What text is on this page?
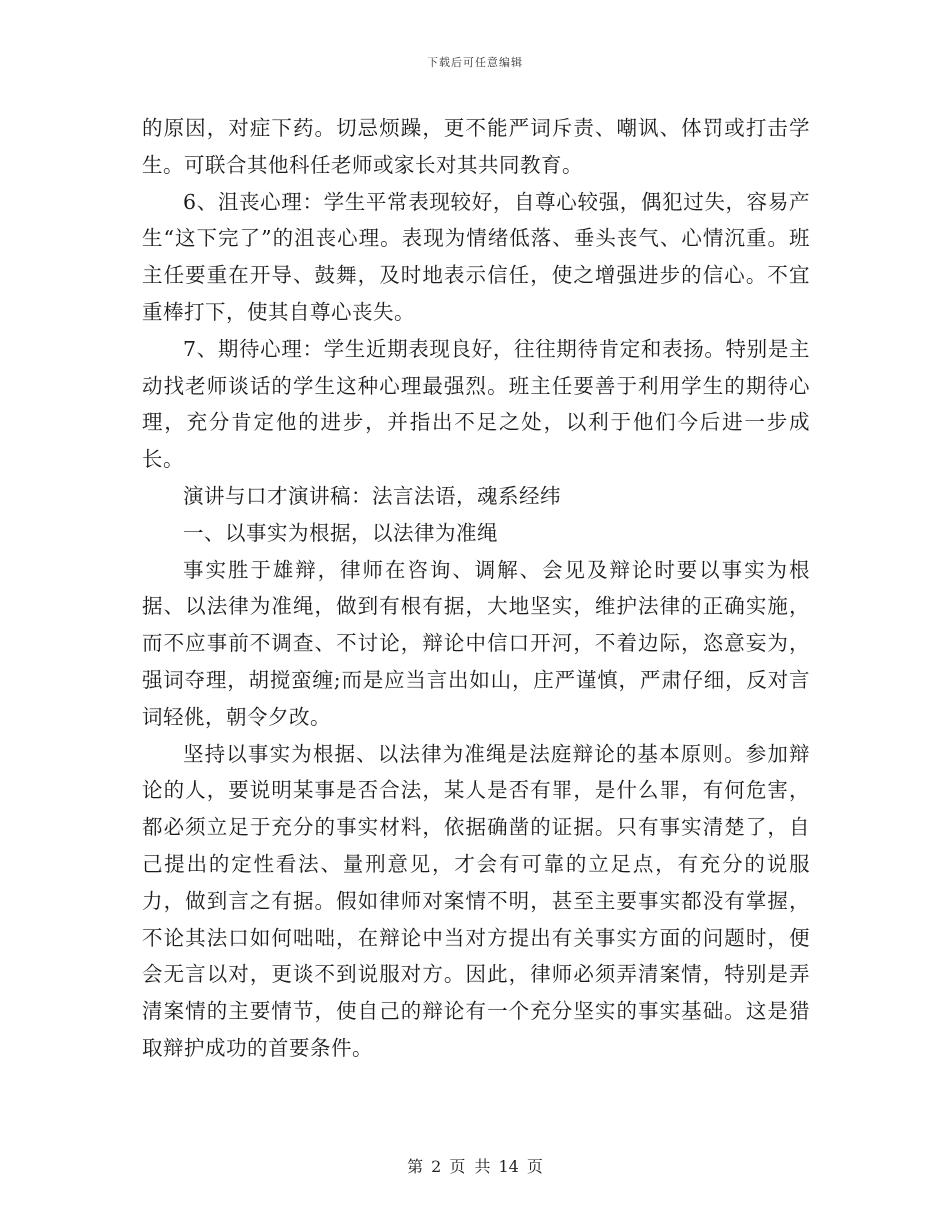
下载后可任意编辑

的原因，对症下药。切忌烦躁，更不能严词斥责、嘲讽、体罚或打击学生。可联合其他科任老师或家长对其共同教育。

6、沮丧心理：学生平常表现较好，自尊心较强，偶犯过失，容易产生“这下完了”的沮丧心理。表现为情绪低落、垂头丧气、心情沉重。班主任要重在开导、鼓舞，及时地表示信任，使之增强进步的信心。不宜重棒打下，使其自尊心丧失。

7、期待心理：学生近期表现良好，往往期待肯定和表扬。特别是主动找老师谈话的学生这种心理最强烈。班主任要善于利用学生的期待心理，充分肯定他的进步，并指出不足之处，以利于他们今后进一步成长。

演讲与口才演讲稿：法言法语，魂系经纬

一、以事实为根据，以法律为准绳

事实胜于雄辩，律师在咨询、调解、会见及辩论时要以事实为根据、以法律为准绳，做到有根有据，大地坚实，维护法律的正确实施，而不应事前不调查、不讨论，辩论中信口开河，不着边际，恣意妄为，强词夺理，胡搅蛮缠;而是应当言出如山，庄严谨慎，严肃仔细，反对言词轻佻，朝令夕改。

坚持以事实为根据、以法律为准绳是法庭辩论的基本原则。参加辩论的人，要说明某事是否合法，某人是否有罪，是什么罪，有何危害，都必须立足于充分的事实材料，依据确凿的证据。只有事实清楚了，自己提出的定性看法、量刑意见，才会有可靠的立足点，有充分的说服力，做到言之有据。假如律师对案情不明，甚至主要事实都没有掌握，不论其法口如何咄咄，在辩论中当对方提出有关事实方面的问题时，便会无言以对，更谈不到说服对方。因此，律师必须弄清案情，特别是弄清案情的主要情节，使自己的辩论有一个充分坚实的事实基础。这是猎取辩护成功的首要条件。

第 2 页 共 14 页
